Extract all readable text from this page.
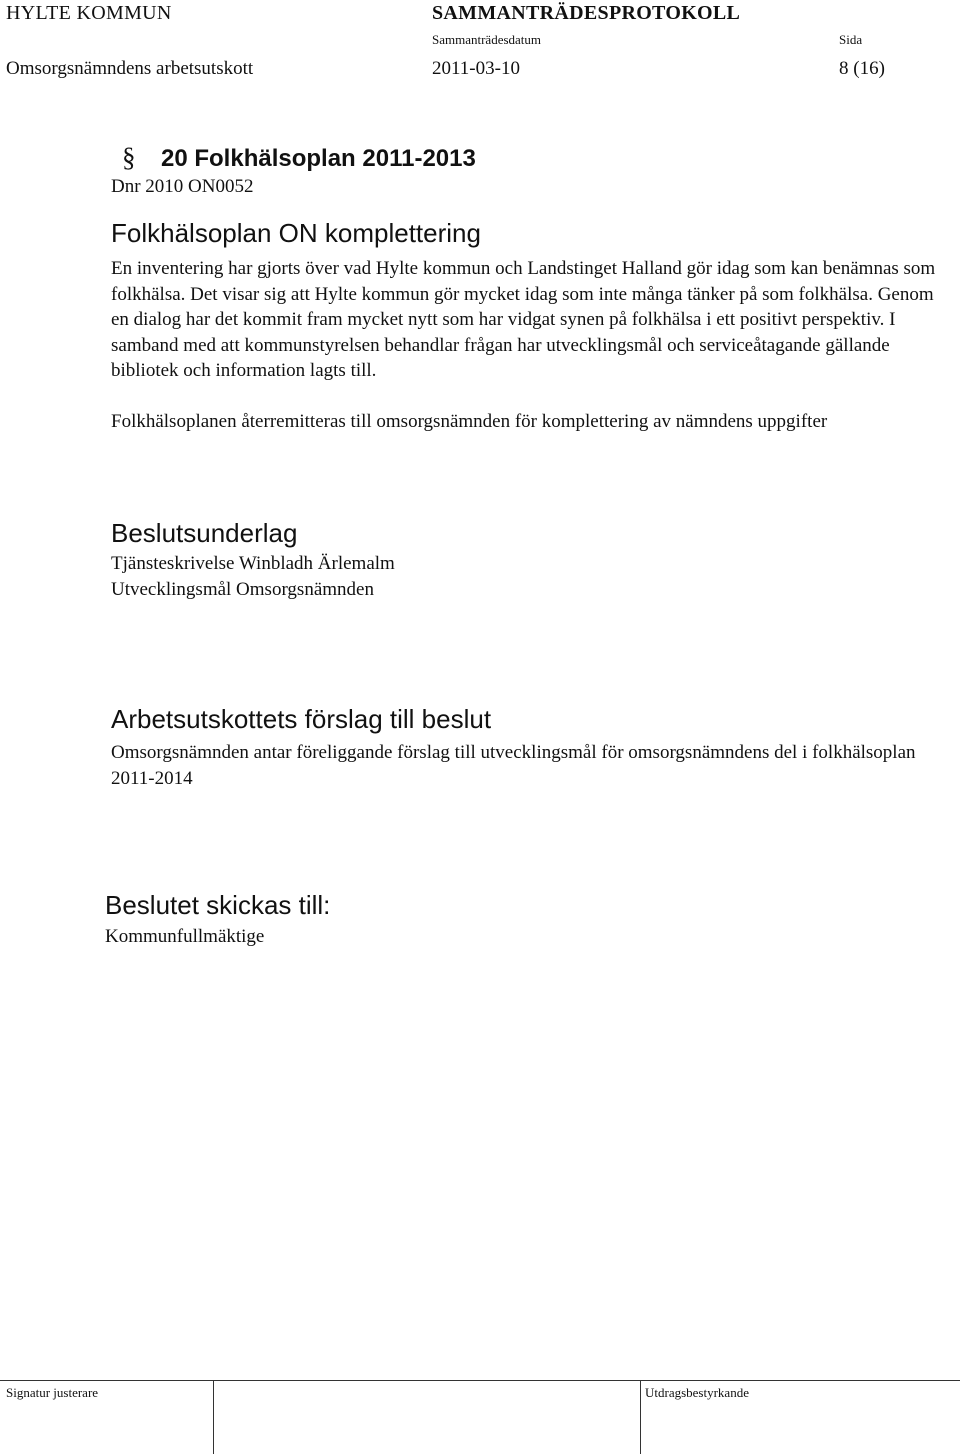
HYLTE KOMMUN	SAMMANTRÄDESPROTOKOLL
Sammanträdesdatum	Sida
Omsorgsnämndens arbetsutskott	2011-03-10	8 (16)
§ 20 Folkhälsoplan 2011-2013
Dnr 2010 ON0052
Folkhälsoplan ON komplettering
En inventering har gjorts över vad Hylte kommun och Landstinget Halland gör idag som kan benämnas som folkhälsa. Det visar sig att Hylte kommun gör mycket idag som inte många tänker på som folkhälsa. Genom en dialog har det kommit fram mycket nytt som har vidgat synen på folkhälsa i ett positivt perspektiv. I samband med att kommunstyrelsen behandlar frågan har utvecklingsmål och serviceåtagande gällande bibliotek och information lagts till.
Folkhälsoplanen återremitteras till omsorgsnämnden för komplettering av nämndens uppgifter
Beslutsunderlag
Tjänsteskrivelse Winbladh Ärlemalm
Utvecklingsmål Omsorgsnämnden
Arbetsutskottets förslag till beslut
Omsorgsnämnden antar föreliggande förslag till utvecklingsmål för omsorgsnämndens del i folkhälsoplan 2011-2014
Beslutet skickas till:
Kommunfullmäktige
Signatur justerare	Utdragsbestyrkande
